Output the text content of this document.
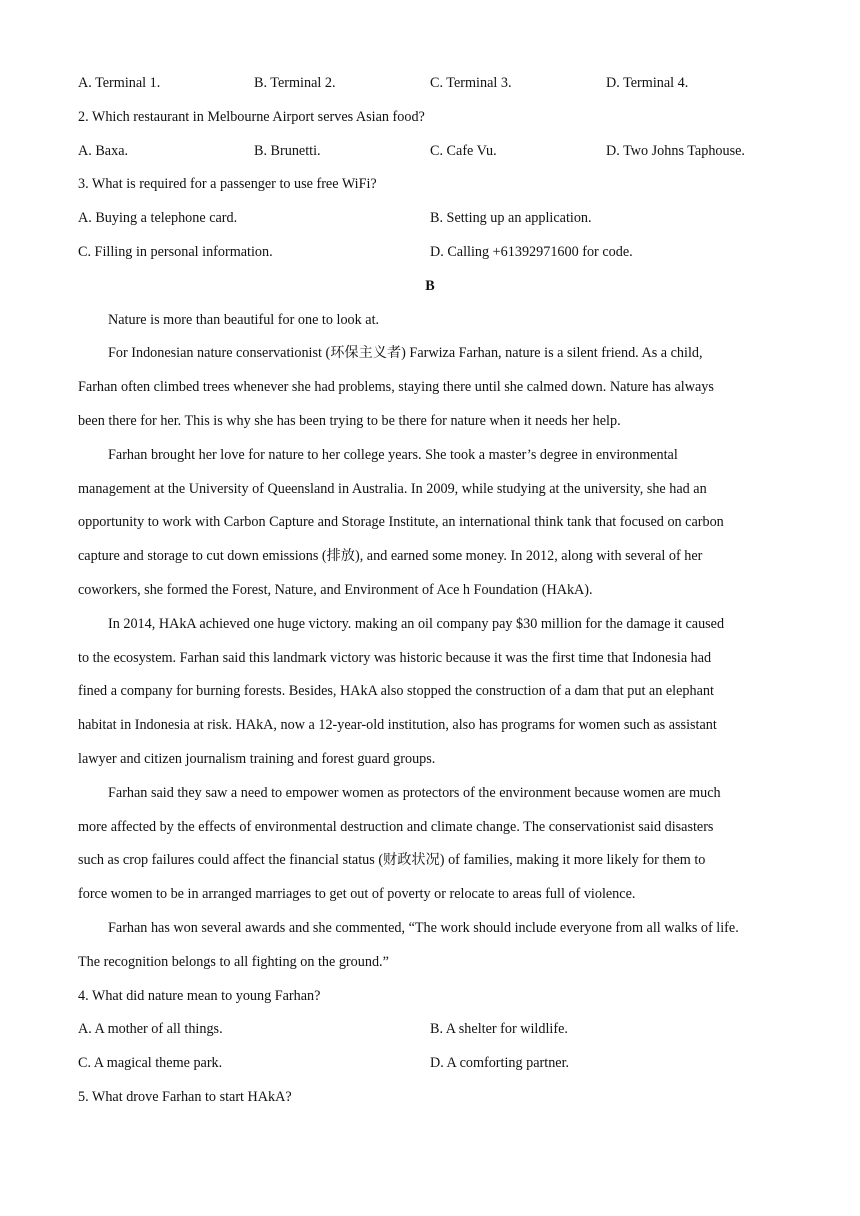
A. Terminal 1.	B. Terminal 2.	C. Terminal 3.	D. Terminal 4.
2. Which restaurant in Melbourne Airport serves Asian food?
A. Baxa.	B. Brunetti.	C. Cafe Vu.	D. Two Johns Taphouse.
3. What is required for a passenger to use free WiFi?
A. Buying a telephone card.	B. Setting up an application.
C. Filling in personal information.	D. Calling +61392971600 for code.
B
Nature is more than beautiful for one to look at.
For Indonesian nature conservationist (环保主义者) Farwiza Farhan, nature is a silent friend. As a child,
Farhan often climbed trees whenever she had problems, staying there until she calmed down. Nature has always
been there for her. This is why she has been trying to be there for nature when it needs her help.
Farhan brought her love for nature to her college years. She took a master’s degree in environmental
management at the University of Queensland in Australia. In 2009, while studying at the university, she had an
opportunity to work with Carbon Capture and Storage Institute, an international think tank that focused on carbon
capture and storage to cut down emissions (排放), and earned some money. In 2012, along with several of her
coworkers, she formed the Forest, Nature, and Environment of Ace h Foundation (HAkA).
In 2014, HAkA achieved one huge victory. making an oil company pay $30 million for the damage it caused
to the ecosystem. Farhan said this landmark victory was historic because it was the first time that Indonesia had
fined a company for burning forests. Besides, HAkA also stopped the construction of a dam that put an elephant
habitat in Indonesia at risk. HAkA, now a 12-year-old institution, also has programs for women such as assistant
lawyer and citizen journalism training and forest guard groups.
Farhan said they saw a need to empower women as protectors of the environment because women are much
more affected by the effects of environmental destruction and climate change. The conservationist said disasters
such as crop failures could affect the financial status (财政状况) of families, making it more likely for them to
force women to be in arranged marriages to get out of poverty or relocate to areas full of violence.
Farhan has won several awards and she commented, “The work should include everyone from all walks of life.
The recognition belongs to all fighting on the ground.”
4. What did nature mean to young Farhan?
A. A mother of all things.	B. A shelter for wildlife.
C. A magical theme park.	D. A comforting partner.
5. What drove Farhan to start HAkA?
